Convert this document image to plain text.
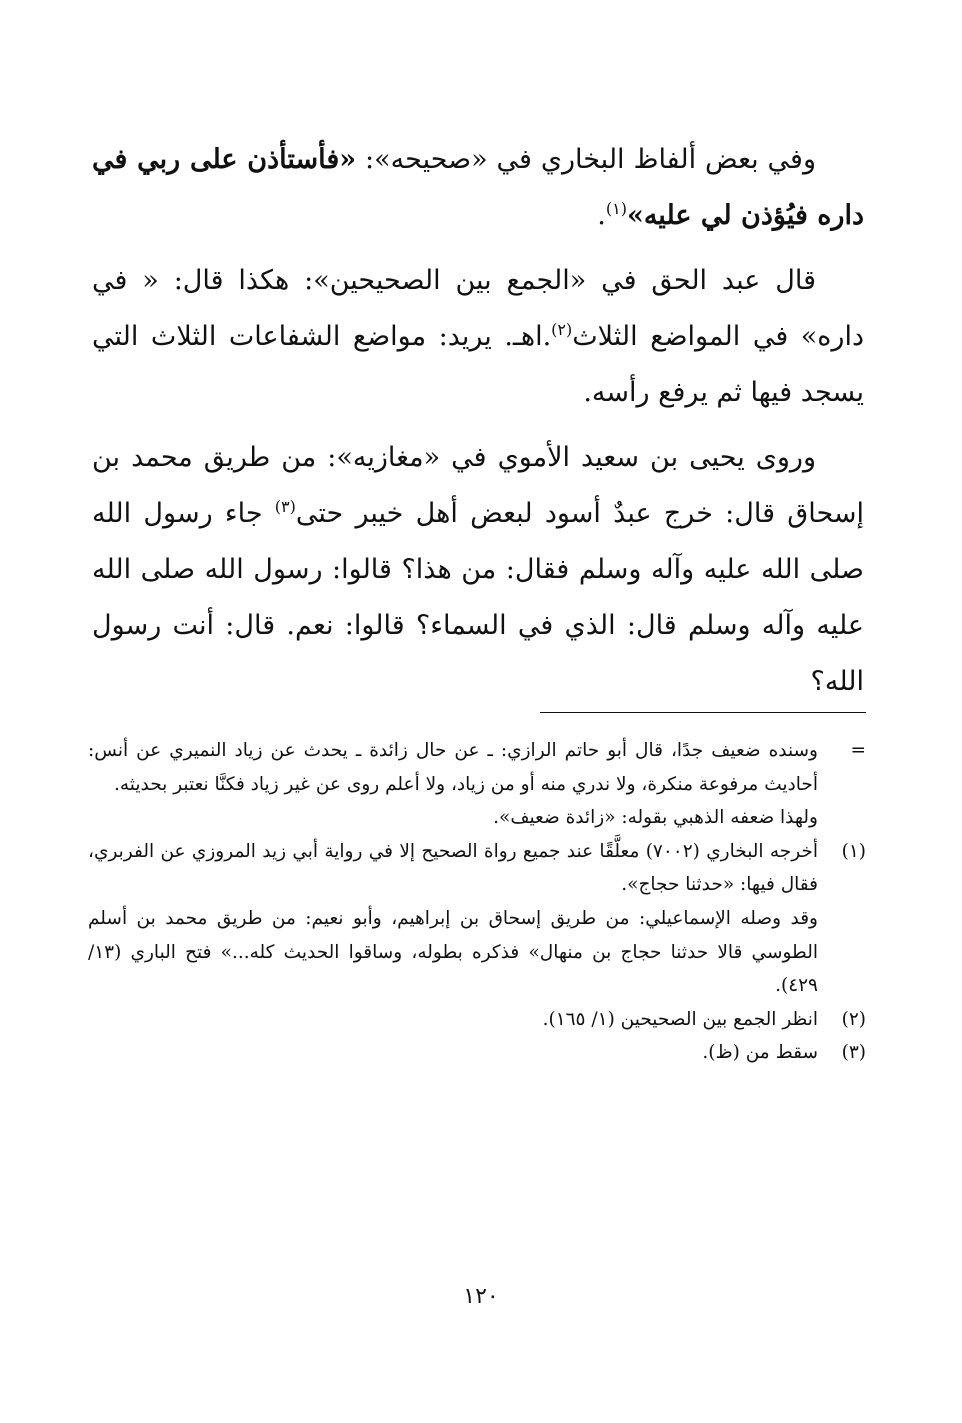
وفي بعض ألفاظ البخاري في «صحيحه»: «فأستأذن على ربي في داره فيُؤذن لي عليه»$^{(١)}$.

قال عبد الحق في «الجمع بين الصحيحين»: هكذا قال: « في داره» في المواضع الثلاث$^{(٢)}$.اهـ. يريد: مواضع الشفاعات الثلاث التي يسجد فيها ثم يرفع رأسه.

وروى يحيى بن سعيد الأموي في «مغازيه»: من طريق محمد بن إسحاق قال: خرج عبدٌ أسود لبعض أهل خيبر حتى$^{(٣)}$ جاء رسول الله صلى الله عليه وآله وسلم فقال: من هذا؟ قالوا: رسول الله صلى الله عليه وآله وسلم قال: الذي في السماء؟ قالوا: نعم. قال: أنت رسول الله؟

=
وسنده ضعيف جدًا، قال أبو حاتم الرازي: ـ عن حال زائدة ـ يحدث عن زياد النميري عن أنس: أحاديث مرفوعة منكرة، ولا ندري منه أو من زياد، ولا أعلم روى عن غير زياد فكنَّا نعتبر بحديثه.
ولهذا ضعفه الذهبي بقوله: «زائدة ضعيف».
(١)
أخرجه البخاري (٧٠٠٢) معلَّقًا عند جميع رواة الصحيح إلا في رواية أبي زيد المروزي عن الفربري، فقال فيها: «حدثنا حجاج».
وقد وصله الإسماعيلي: من طريق إسحاق بن إبراهيم، وأبو نعيم: من طريق محمد بن أسلم الطوسي قالا حدثنا حجاج بن منهال» فذكره بطوله، وساقوا الحديث كله...» فتح الباري (١٣/ ٤٢٩).
(٢)
انظر الجمع بين الصحيحين (١/ ١٦٥).
(٣)
سقط من (ظ).
١٢٠
